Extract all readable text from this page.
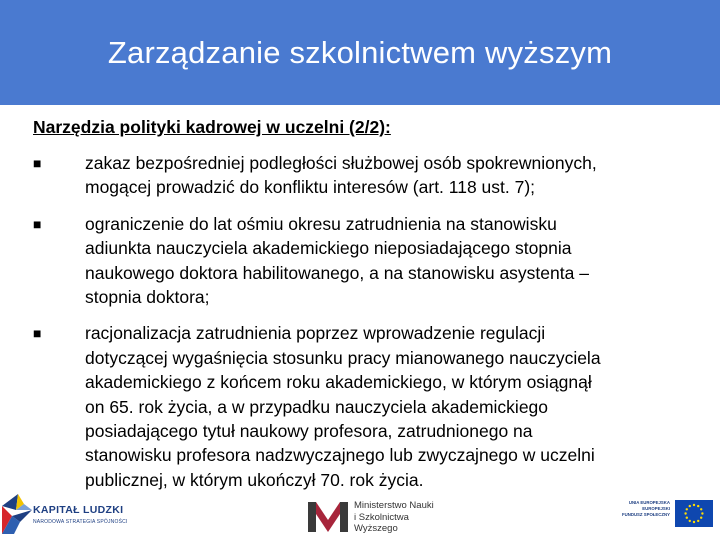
Zarządzanie szkolnictwem wyższym
Narzędzia polityki kadrowej w uczelni (2/2):
■ zakaz bezpośredniej podległości służbowej osób spokrewnionych,
mogącej prowadzić do konfliktu interesów (art. 118 ust. 7);
■ ograniczenie do lat ośmiu okresu zatrudnienia na stanowisku
adiunkta nauczyciela akademickiego nieposiadającego stopnia
naukowego doktora habilitowanego, a na stanowisku asystenta –
stopnia doktora;
■ racjonalizacja zatrudnienia poprzez wprowadzenie regulacji
dotyczącej wygaśnięcia stosunku pracy mianowanego nauczyciela
akademickiego z końcem roku akademickiego, w którym osiągnął
on 65. rok życia, a w przypadku nauczyciela akademickiego
posiadającego tytuł naukowy profesora, zatrudnionego na
stanowisku profesora nadzwyczajnego lub zwyczajnego w uczelni
publicznej, w którym ukończył 70. rok życia.
KAPITAŁ LUDZKI
NARODOWA STRATEGIA SPÓJNOŚCI
Ministerstwo Nauki
i Szkolnictwa Wyższego
UNIA EUROPEJSKA
EUROPEJSKI
FUNDUSZ SPOŁECZNY
